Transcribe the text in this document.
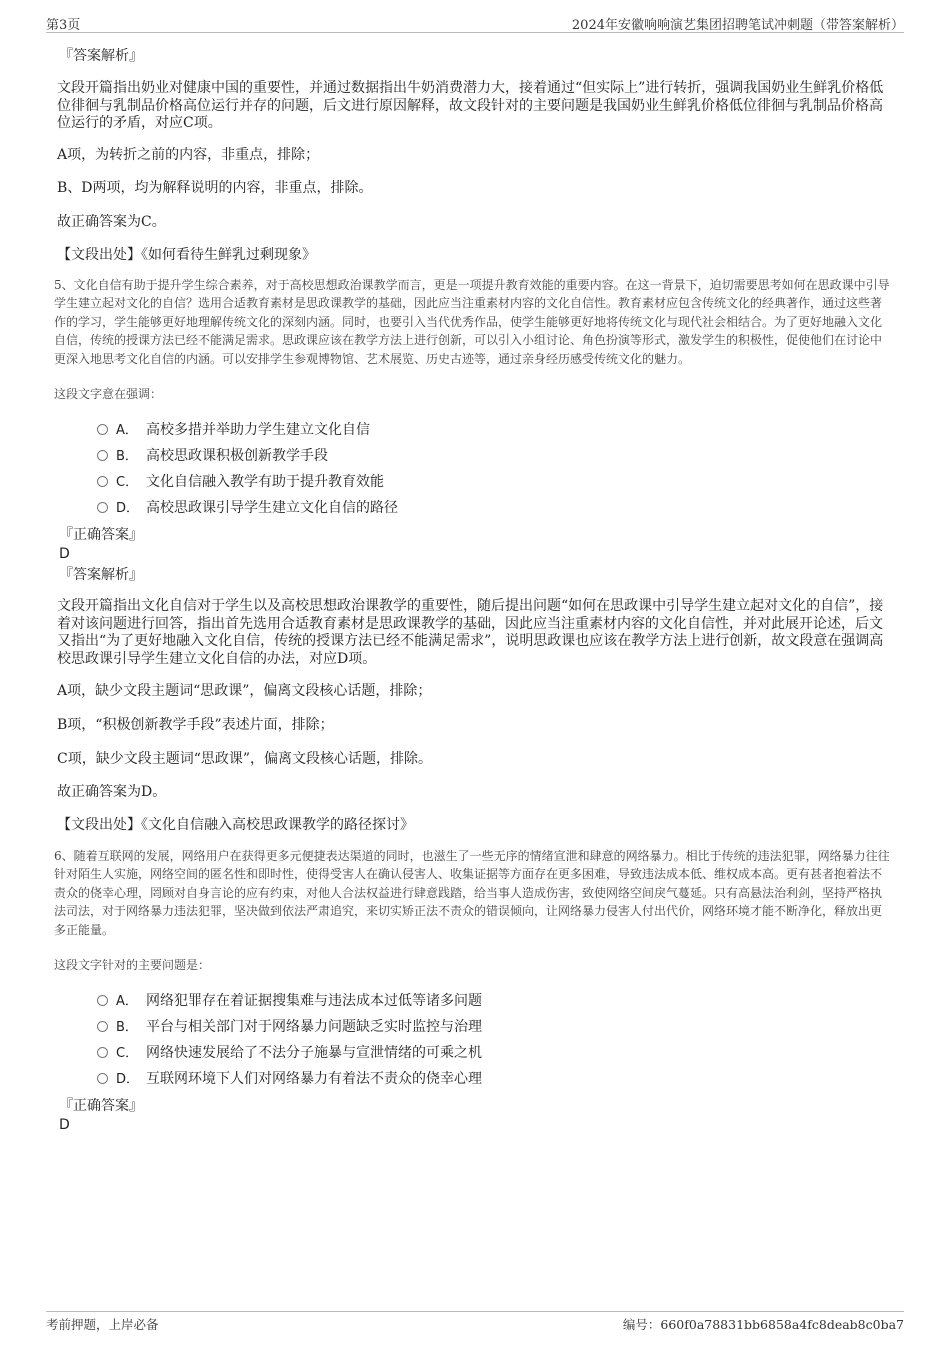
第3页	2024年安徽响响演艺集团招聘笔试冲刺题（带答案解析）
『答案解析』

文段开篇指出奶业对健康中国的重要性，并通过数据指出牛奶消费潜力大，接着通过“但实际上”进行转折，强调我国奶业生鲜乳价格低位徘徊与乳制品价格高位运行并存的问题，后文进行原因解释，故文段针对的主要问题是我国奶业生鲜乳价格低位徘徊与乳制品价格高位运行的矛盾，对应C项。

A项，为转折之前的内容，非重点，排除；
B、D两项，均为解释说明的内容，非重点，排除。
故正确答案为C。
【文段出处】《如何看待生鲜乳过剩现象》

5、文化自信有助于提升学生综合素养，对于高校思想政治课教学而言，更是一项提升教育效能的重要内容。在这一背景下，迫切需要思考如何在思政课中引导学生建立起对文化的自信？选用合适教育素材是思政课教学的基础，因此应当注重素材内容的文化自信性。教育素材应包含传统文化的经典著作，通过这些著作的学习，学生能够更好地理解传统文化的深刻内涵。同时，也要引入当代优秀作品，使学生能够更好地将传统文化与现代社会相结合。为了更好地融入文化自信，传统的授课方法已经不能满足需求。思政课应该在教学方法上进行创新，可以引入小组讨论、角色扮演等形式，激发学生的积极性，促使他们在讨论中更深入地思考文化自信的内涵。可以安排学生参观博物馆、艺术展览、历史古迹等，通过亲身经历感受传统文化的魅力。

这段文字意在强调：
A． 高校多措并举助力学生建立文化自信
B． 高校思政课积极创新教学手段
C． 文化自信融入教学有助于提升教育效能
D． 高校思政课引导学生建立文化自信的路径
『正确答案』
D
『答案解析』

文段开篇指出文化自信对于学生以及高校思想政治课教学的重要性，随后提出问题“如何在思政课中引导学生建立起对文化的自信”，接着对该问题进行回答，指出首先选用合适教育素材是思政课教学的基础，因此应当注重素材内容的文化自信性，并对此展开论述，后文又指出“为了更好地融入文化自信，传统的授课方法已经不能满足需求”，说明思政课也应该在教学方法上进行创新，故文段意在强调高校思政课引导学生建立文化自信的办法，对应D项。

A项，缺少文段主题词“思政课”，偏离文段核心话题，排除；
B项，“积极创新教学手段”表述片面，排除；
C项，缺少文段主题词“思政课”，偏离文段核心话题，排除。
故正确答案为D。
【文段出处】《文化自信融入高校思政课教学的路径探讨》

6、随着互联网的发展，网络用户在获得更多元便捷表达渠道的同时，也滋生了一些无序的情绪宣泄和肆意的网络暴力。相比于传统的违法犯罪，网络暴力往往针对陌生人实施，网络空间的匿名性和即时性，使得受害人在确认侵害人、收集证据等方面存在更多困难，导致违法成本低、维权成本高。更有甚者抱着法不责众的侥幸心理，罔顾对自身言论的应有约束，对他人合法权益进行肆意践踏，给当事人造成伤害，致使网络空间戾气蔓延。只有高悬法治利剑，坚持严格执法司法，对于网络暴力违法犯罪，坚决做到依法严肃追究，来切实矫正法不责众的错误倾向，让网络暴力侵害人付出代价，网络环境才能不断净化，释放出更多正能量。

这段文字针对的主要问题是：
A． 网络犯罪存在着证据搜集难与违法成本过低等诸多问题
B． 平台与相关部门对于网络暴力问题缺乏实时监控与治理
C． 网络快速发展给了不法分子施暴与宣泄情绪的可乘之机
D． 互联网环境下人们对网络暴力有着法不责众的侥幸心理
『正确答案』
D
考前押题，上岸必备	编号：660f0a78831bb6858a4fc8deab8c0ba7
